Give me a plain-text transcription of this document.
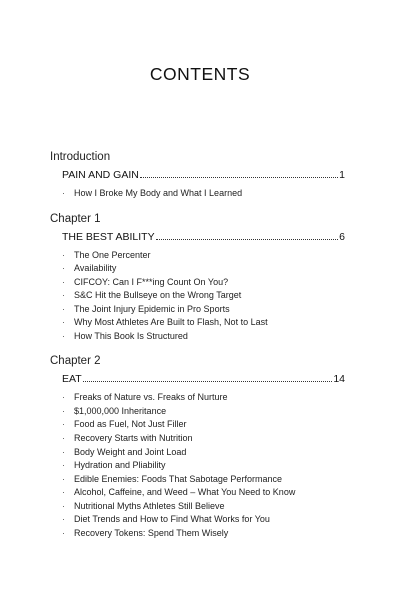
CONTENTS
Introduction
PAIN AND GAIN	1
·	How I Broke My Body and What I Learned
Chapter 1
THE BEST ABILITY	6
·	The One Percenter
·	Availability
·	CIFCOY: Can I F***ing Count On You?
·	S&C Hit the Bullseye on the Wrong Target
·	The Joint Injury Epidemic in Pro Sports
·	Why Most Athletes Are Built to Flash, Not to Last
·	How This Book Is Structured
Chapter 2
EAT	14
·	Freaks of Nature vs. Freaks of Nurture
·	$1,000,000 Inheritance
·	Food as Fuel, Not Just Filler
·	Recovery Starts with Nutrition
·	Body Weight and Joint Load
·	Hydration and Pliability
·	Edible Enemies: Foods That Sabotage Performance
·	Alcohol, Caffeine, and Weed – What You Need to Know
·	Nutritional Myths Athletes Still Believe
·	Diet Trends and How to Find What Works for You
·	Recovery Tokens: Spend Them Wisely
